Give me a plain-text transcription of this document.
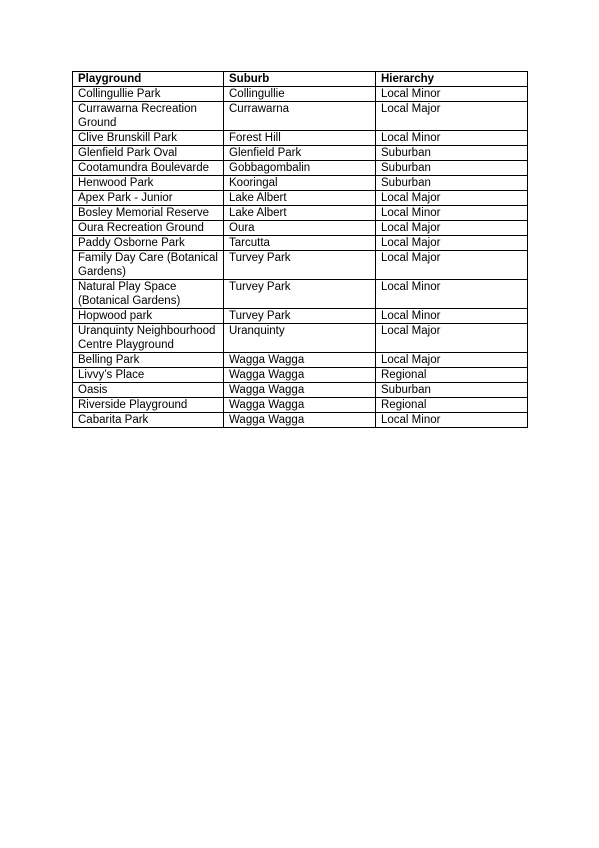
Playground	Suburb	Hierarchy
Collingullie Park	Collingullie	Local Minor
Currawarna Recreation Ground	Currawarna	Local Major
Clive Brunskill Park	Forest Hill	Local Minor
Glenfield Park Oval	Glenfield Park	Suburban
Cootamundra Boulevarde	Gobbagombalin	Suburban
Henwood Park	Kooringal	Suburban
Apex Park - Junior	Lake Albert	Local Major
Bosley Memorial Reserve	Lake Albert	Local Minor
Oura Recreation Ground	Oura	Local Major
Paddy Osborne Park	Tarcutta	Local Major
Family Day Care (Botanical Gardens)	Turvey Park	Local Major
Natural Play Space (Botanical Gardens)	Turvey Park	Local Minor
Hopwood park	Turvey Park	Local Minor
Uranquinty Neighbourhood Centre Playground	Uranquinty	Local Major
Belling Park	Wagga Wagga	Local Major
Livvy’s Place	Wagga Wagga	Regional
Oasis	Wagga Wagga	Suburban
Riverside Playground	Wagga Wagga	Regional
Cabarita Park	Wagga Wagga	Local Minor
